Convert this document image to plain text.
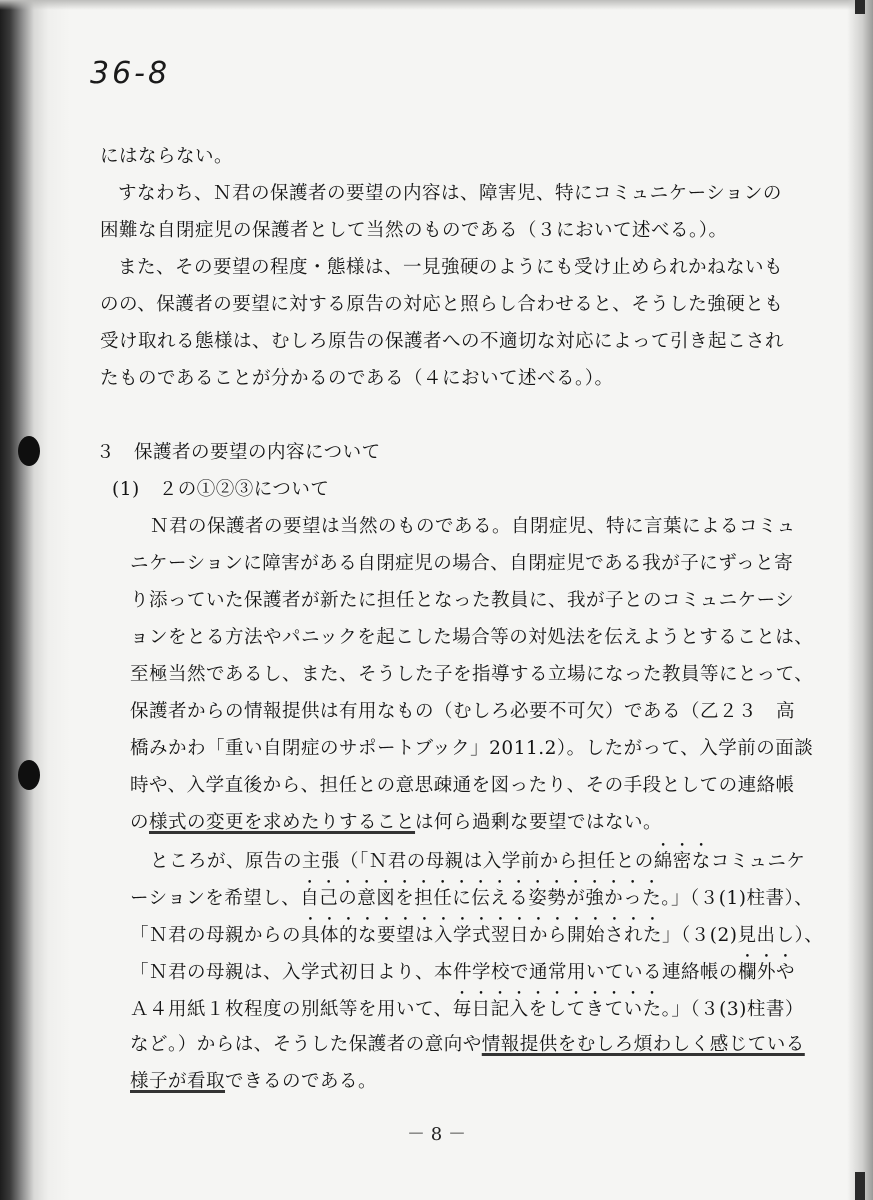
36-8
にはならない。
すなわち、Ｎ君の保護者の要望の内容は、障害児、特にコミュニケーションの
困難な自閉症児の保護者として当然のものである（３において述べる。）。
また、その要望の程度・態様は、一見強硬のようにも受け止められかねないも
のの、保護者の要望に対する原告の対応と照らし合わせると、そうした強硬とも
受け取れる態様は、むしろ原告の保護者への不適切な対応によって引き起こされ
たものであることが分かるのである（４において述べる。）。
３　保護者の要望の内容について
(1)　２の①②③について
Ｎ君の保護者の要望は当然のものである。自閉症児、特に言葉によるコミュ
ニケーションに障害がある自閉症児の場合、自閉症児である我が子にずっと寄
り添っていた保護者が新たに担任となった教員に、我が子とのコミュニケーシ
ョンをとる方法やパニックを起こした場合等の対処法を伝えようとすることは、
至極当然であるし、また、そうした子を指導する立場になった教員等にとって、
保護者からの情報提供は有用なもの（むしろ必要不可欠）である（乙２３　高
橋みかわ「重い自閉症のサポートブック」2011.2）。したがって、入学前の面談
時や、入学直後から、担任との意思疎通を図ったり、その手段としての連絡帳
の様式の変更を求めたりすることは何ら過剰な要望ではない。
ところが、原告の主張（「Ｎ君の母親は入学前から担任との綿密なコミュニケ
ーションを希望し、自己の意図を担任に伝える姿勢が強かった。」（３(1)柱書）、
「Ｎ君の母親からの具体的な要望は入学式翌日から開始された」（３(2)見出し）、
「Ｎ君の母親は、入学式初日より、本件学校で通常用いている連絡帳の欄外や
Ａ４用紙１枚程度の別紙等を用いて、毎日記入をしてきていた。」（３(3)柱書）
など。）からは、そうした保護者の意向や情報提供をむしろ煩わしく感じている
様子が看取できるのである。
－ 8 －
